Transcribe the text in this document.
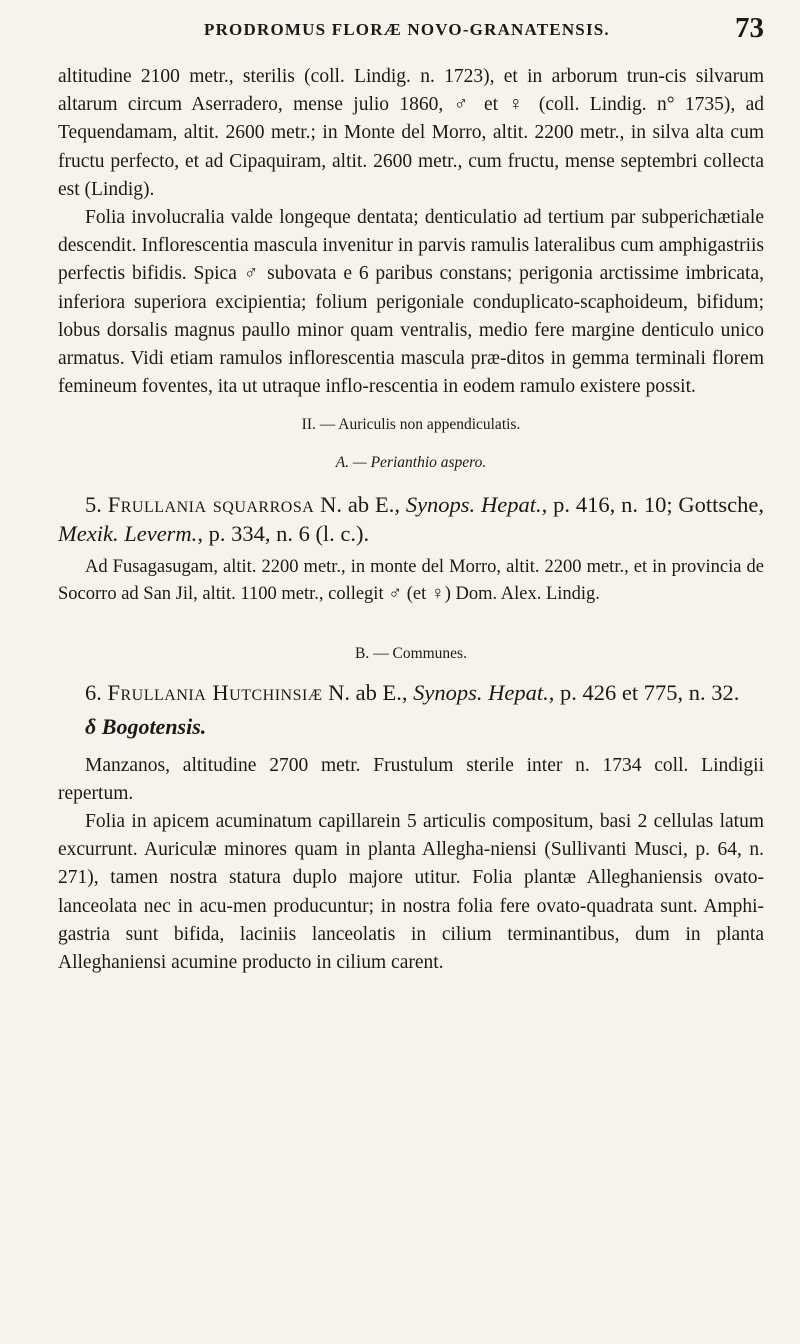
PRODROMUS FLORÆ NOVO-GRANATENSIS.	73

altitudine 2100 metr., sterilis (coll. Lindig. n. 1723), et in arborum trun-cis silvarum altarum circum Aserradero, mense julio 1860, ♂ et ♀ (coll. Lindig. n° 1735), ad Tequendamam, altit. 2600 metr.; in Monte del Morro, altit. 2200 metr., in silva alta cum fructu perfecto, et ad Cipaquiram, altit. 2600 metr., cum fructu, mense septembri collecta est (Lindig).

Folia involucralia valde longeque dentata; denticulatio ad tertium par subperichætiale descendit. Inflorescentia mascula invenitur in parvis ramulis lateralibus cum amphigastriis perfectis bifidis. Spica ♂ subovata e 6 paribus constans; perigonia arctissime imbricata, inferiora superiora excipientia; folium perigoniale conduplicato-scaphoideum, bifidum; lobus dorsalis magnus paullo minor quam ventralis, medio fere margine denticulo unico armatus. Vidi etiam ramulos inflorescentia mascula præ-ditos in gemma terminali florem femineum foventes, ita ut utraque inflo-rescentia in eodem ramulo existere possit.

II. — Auriculis non appendiculatis.

A. — Perianthio aspero.

5. Frullania squarrosa N. ab E., Synops. Hepat., p. 416, n. 10; Gottsche, Mexik. Leverm., p. 334, n. 6 (l. c.).

Ad Fusagasugam, altit. 2200 metr., in monte del Morro, altit. 2200 metr., et in provincia de Socorro ad San Jil, altit. 1100 metr., collegit ♂ (et ♀) Dom. Alex. Lindig.

B. — Communes.

6. Frullania Hutchinsiæ N. ab E., Synops. Hepat., p. 426 et 775, n. 32.

δ Bogotensis.

Manzanos, altitudine 2700 metr. Frustulum sterile inter n. 1734 coll. Lindigii repertum.

Folia in apicem acuminatum capillarein 5 articulis compositum, basi 2 cellulas latum excurrunt. Auriculæ minores quam in planta Allegha-niensi (Sullivanti Musci, p. 64, n. 271), tamen nostra statura duplo majore utitur. Folia plantæ Alleghaniensis ovato-lanceolata nec in acu-men producuntur; in nostra folia fere ovato-quadrata sunt. Amphi-gastria sunt bifida, laciniis lanceolatis in cilium terminantibus, dum in planta Alleghaniensi acumine producto in cilium carent.
